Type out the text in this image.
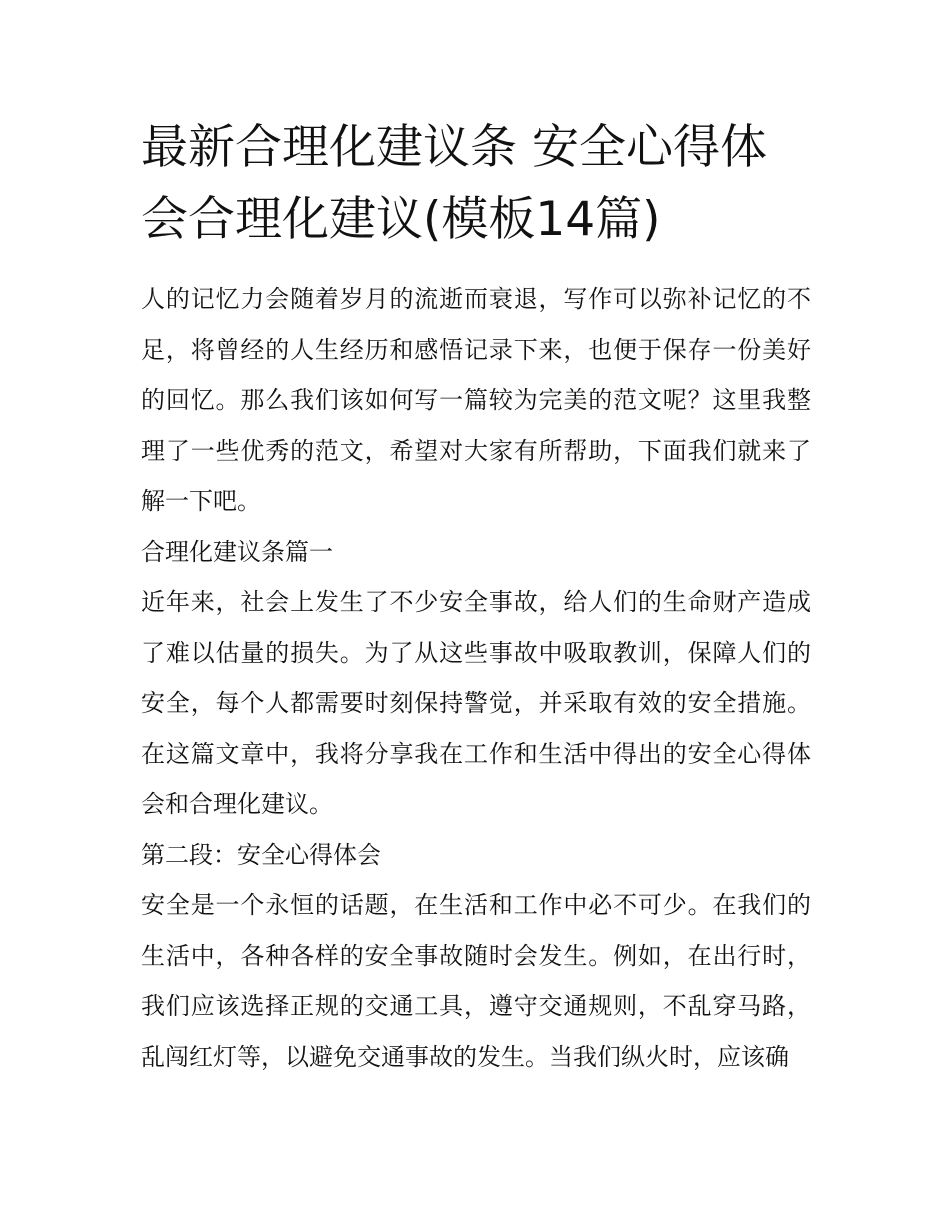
最新合理化建议条 安全心得体会合理化建议(模板14篇)

人的记忆力会随着岁月的流逝而衰退，写作可以弥补记忆的不足，将曾经的人生经历和感悟记录下来，也便于保存一份美好的回忆。那么我们该如何写一篇较为完美的范文呢？这里我整理了一些优秀的范文，希望对大家有所帮助，下面我们就来了解一下吧。

合理化建议条篇一

近年来，社会上发生了不少安全事故，给人们的生命财产造成了难以估量的损失。为了从这些事故中吸取教训，保障人们的安全，每个人都需要时刻保持警觉，并采取有效的安全措施。在这篇文章中，我将分享我在工作和生活中得出的安全心得体会和合理化建议。

第二段：安全心得体会

安全是一个永恒的话题，在生活和工作中必不可少。在我们的生活中，各种各样的安全事故随时会发生。例如，在出行时，我们应该选择正规的交通工具，遵守交通规则，不乱穿马路，乱闯红灯等，以避免交通事故的发生。当我们纵火时，应该确
